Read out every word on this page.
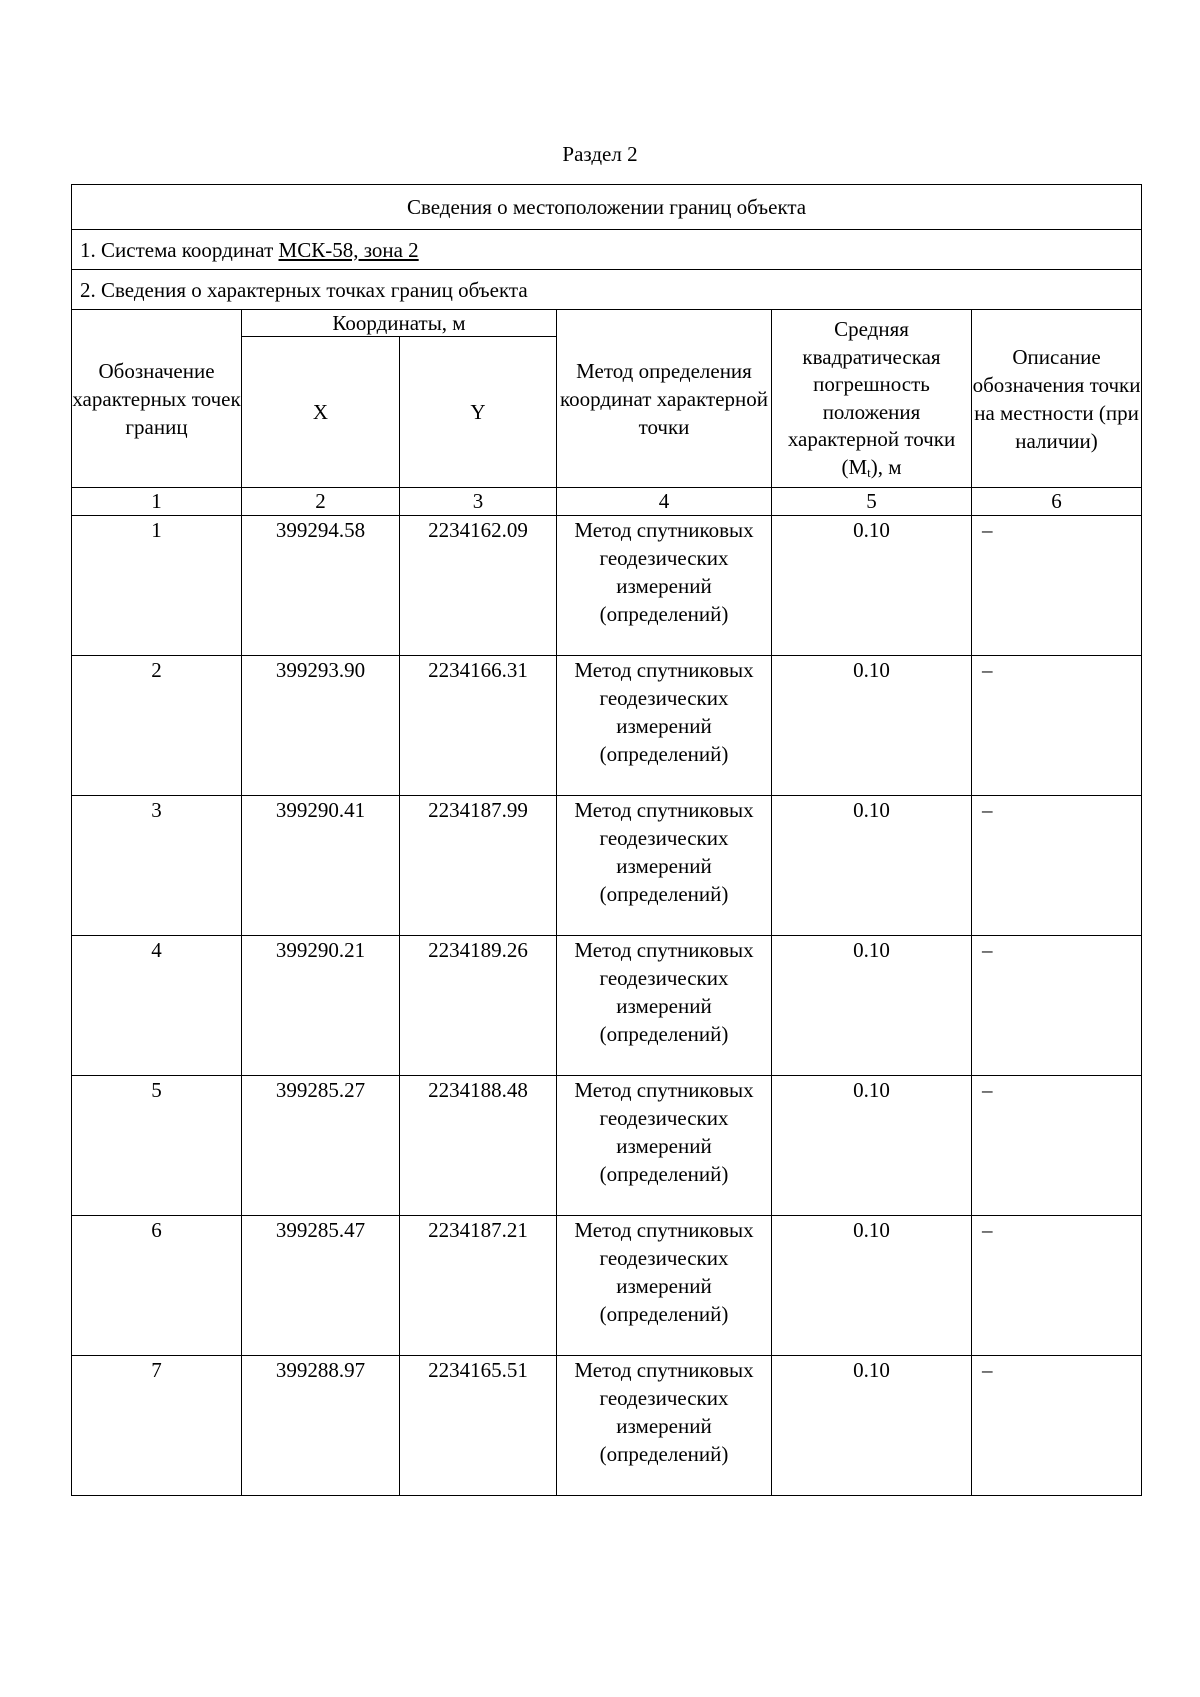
Раздел 2
Сведения о местоположении границ объекта					
1. Система координат МСК-58, зона 2					
2. Сведения о характерных точках границ объекта					
Обозначение характерных точек границ	Координаты, м		Метод определения координат характерной точки	Средняя квадратическая погрешность положения характерной точки $(M_t)$, м	Описание обозначения точки на местности (при наличии)
	X	Y			
1	2	3	4	5	6
1	399294.58	2234162.09	Метод спутниковых геодезических измерений (определений)	0.10	–
2	399293.90	2234166.31	Метод спутниковых геодезических измерений (определений)	0.10	–
3	399290.41	2234187.99	Метод спутниковых геодезических измерений (определений)	0.10	–
4	399290.21	2234189.26	Метод спутниковых геодезических измерений (определений)	0.10	–
5	399285.27	2234188.48	Метод спутниковых геодезических измерений (определений)	0.10	–
6	399285.47	2234187.21	Метод спутниковых геодезических измерений (определений)	0.10	–
7	399288.97	2234165.51	Метод спутниковых геодезических измерений (определений)	0.10	–
